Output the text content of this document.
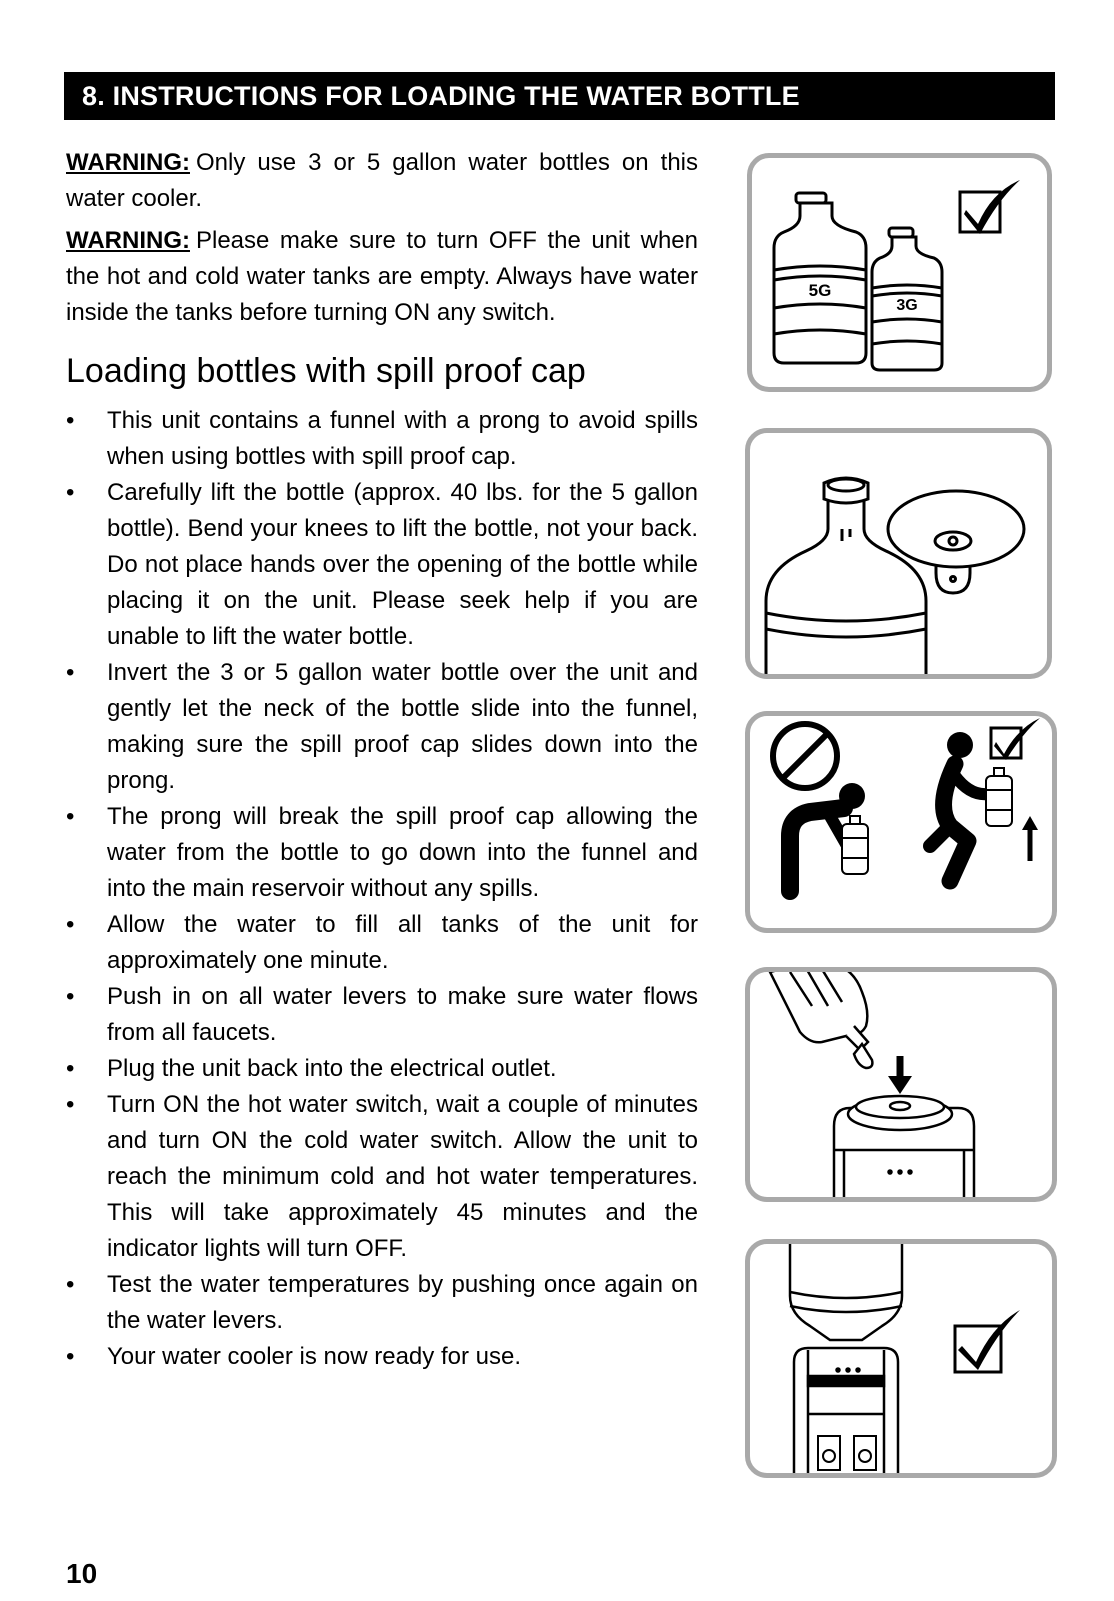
8. INSTRUCTIONS FOR LOADING THE WATER BOTTLE

WARNING: Only use 3 or 5 gallon water bottles on this water cooler.

WARNING: Please make sure to turn OFF the unit when the hot and cold water tanks are empty. Always have water inside the tanks before turning ON any switch.

Loading bottles with spill proof cap
•	This unit contains a funnel with a prong to avoid spills when using bottles with spill proof cap.
•	Carefully lift the bottle (approx. 40 lbs. for the 5 gallon bottle). Bend your knees to lift the bottle, not your back. Do not place hands over the opening of the bottle while placing it on the unit. Please seek help if you are unable to lift the water bottle.
•	Invert the 3 or 5 gallon water bottle over the unit and gently let the neck of the bottle slide into the funnel, making sure the spill proof cap slides down into the prong.
•	The prong will break the spill proof cap allowing the water from the bottle to go down into the funnel and into the main reservoir without any spills.
•	Allow the water to fill all tanks of the unit for approximately one minute.
•	Push in on all water levers to make sure water flows from all faucets.
•	Plug the unit back into the electrical outlet.
•	Turn ON the hot water switch, wait a couple of minutes and turn ON the cold water switch. Allow the unit to reach the minimum cold and hot water temperatures. This will take approximately 45 minutes and the indicator lights will turn OFF.
•	Test the water temperatures by pushing once again on the water levers.
•	Your water cooler is now ready for use.
5G
3G
10
